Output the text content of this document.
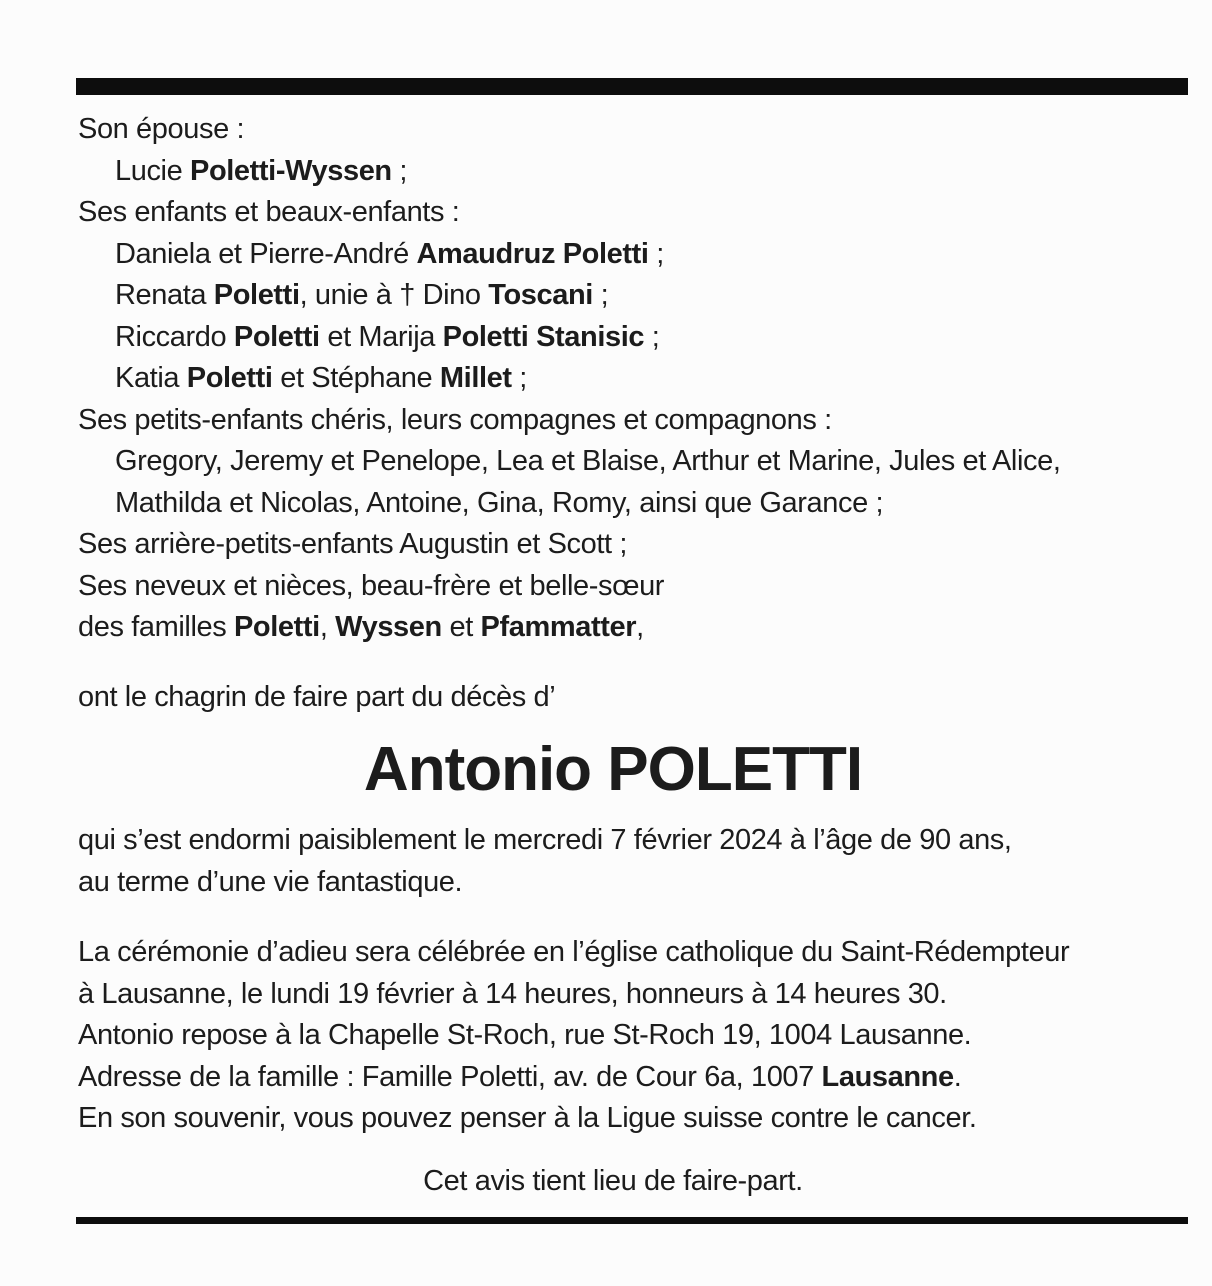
Son épouse :
Lucie Poletti-Wyssen ;
Ses enfants et beaux-enfants :
Daniela et Pierre-André Amaudruz Poletti ;
Renata Poletti, unie à † Dino Toscani ;
Riccardo Poletti et Marija Poletti Stanisic ;
Katia Poletti et Stéphane Millet ;
Ses petits-enfants chéris, leurs compagnes et compagnons :
Gregory, Jeremy et Penelope, Lea et Blaise, Arthur et Marine, Jules et Alice,
Mathilda et Nicolas, Antoine, Gina, Romy, ainsi que Garance ;
Ses arrière-petits-enfants Augustin et Scott ;
Ses neveux et nièces, beau-frère et belle-sœur
des familles Poletti, Wyssen et Pfammatter,
ont le chagrin de faire part du décès d’
Antonio POLETTI
qui s’est endormi paisiblement le mercredi 7 février 2024 à l’âge de 90 ans,
au terme d’une vie fantastique.
La cérémonie d’adieu sera célébrée en l’église catholique du Saint-Rédempteur
à Lausanne, le lundi 19 février à 14 heures, honneurs à 14 heures 30.
Antonio repose à la Chapelle St-Roch, rue St-Roch 19, 1004 Lausanne.
Adresse de la famille : Famille Poletti, av. de Cour 6a, 1007 Lausanne.
En son souvenir, vous pouvez penser à la Ligue suisse contre le cancer.
Cet avis tient lieu de faire-part.
